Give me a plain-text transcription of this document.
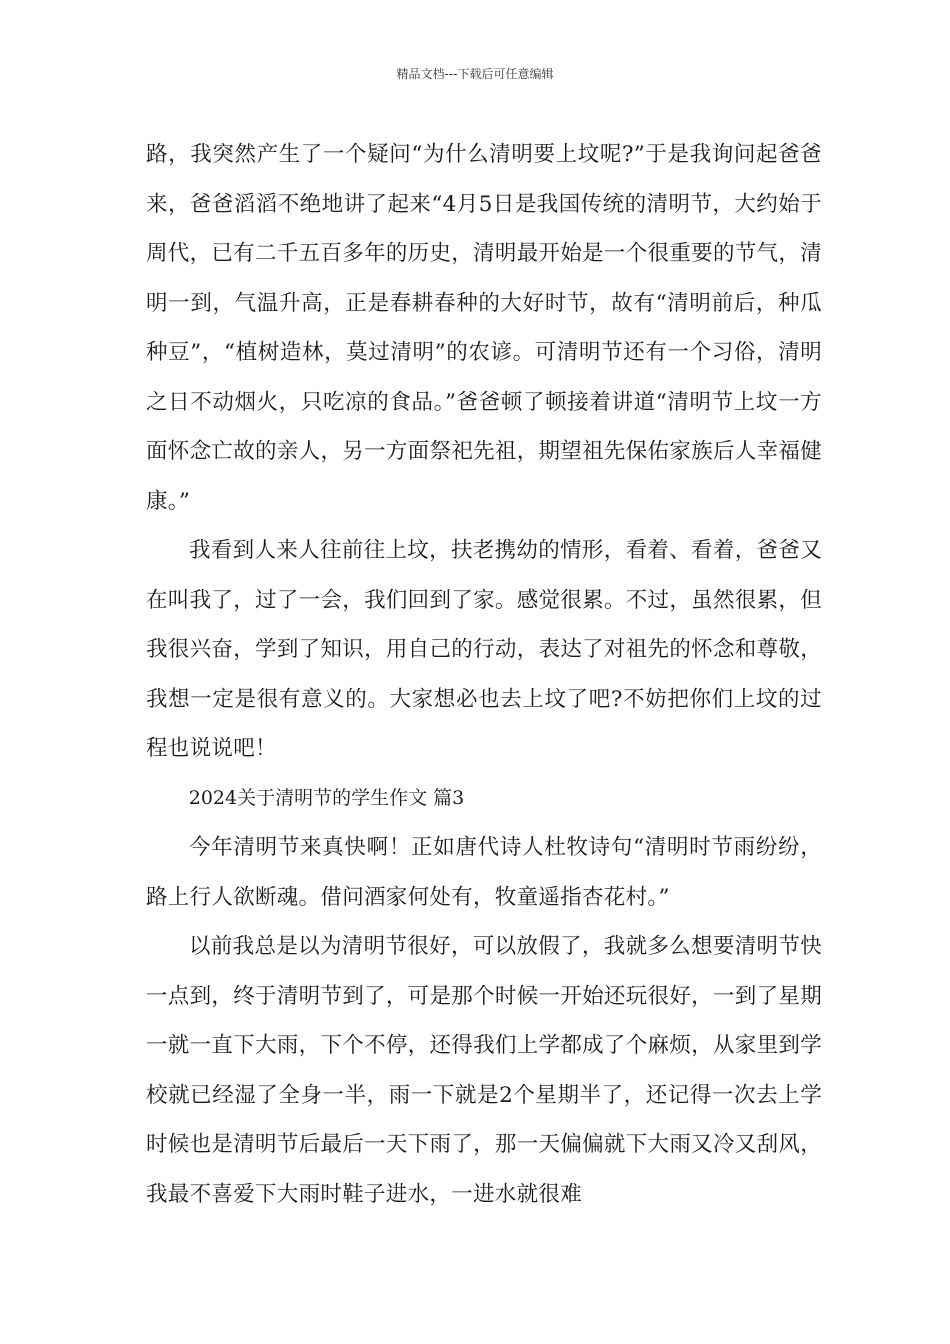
精品文档---下载后可任意编辑

路，我突然产生了一个疑问“为什么清明要上坟呢?”于是我询问起爸爸来，爸爸滔滔不绝地讲了起来“4月5日是我国传统的清明节，大约始于周代，已有二千五百多年的历史，清明最开始是一个很重要的节气，清明一到，气温升高，正是春耕春种的大好时节，故有“清明前后，种瓜种豆”，“植树造林，莫过清明”的农谚。可清明节还有一个习俗，清明之日不动烟火，只吃凉的食品。”爸爸顿了顿接着讲道“清明节上坟一方面怀念亡故的亲人，另一方面祭祀先祖，期望祖先保佑家族后人幸福健康。”

我看到人来人往前往上坟，扶老携幼的情形，看着、看着，爸爸又在叫我了，过了一会，我们回到了家。感觉很累。不过，虽然很累，但我很兴奋，学到了知识，用自己的行动，表达了对祖先的怀念和尊敬，我想一定是很有意义的。大家想必也去上坟了吧?不妨把你们上坟的过程也说说吧！

2024关于清明节的学生作文 篇3

今年清明节来真快啊！正如唐代诗人杜牧诗句“清明时节雨纷纷，路上行人欲断魂。借问酒家何处有，牧童遥指杏花村。”

以前我总是以为清明节很好，可以放假了，我就多么想要清明节快一点到，终于清明节到了，可是那个时候一开始还玩很好，一到了星期一就一直下大雨，下个不停，还得我们上学都成了个麻烦，从家里到学校就已经湿了全身一半，雨一下就是2个星期半了，还记得一次去上学时候也是清明节后最后一天下雨了，那一天偏偏就下大雨又冷又刮风，我最不喜爱下大雨时鞋子进水，一进水就很难
